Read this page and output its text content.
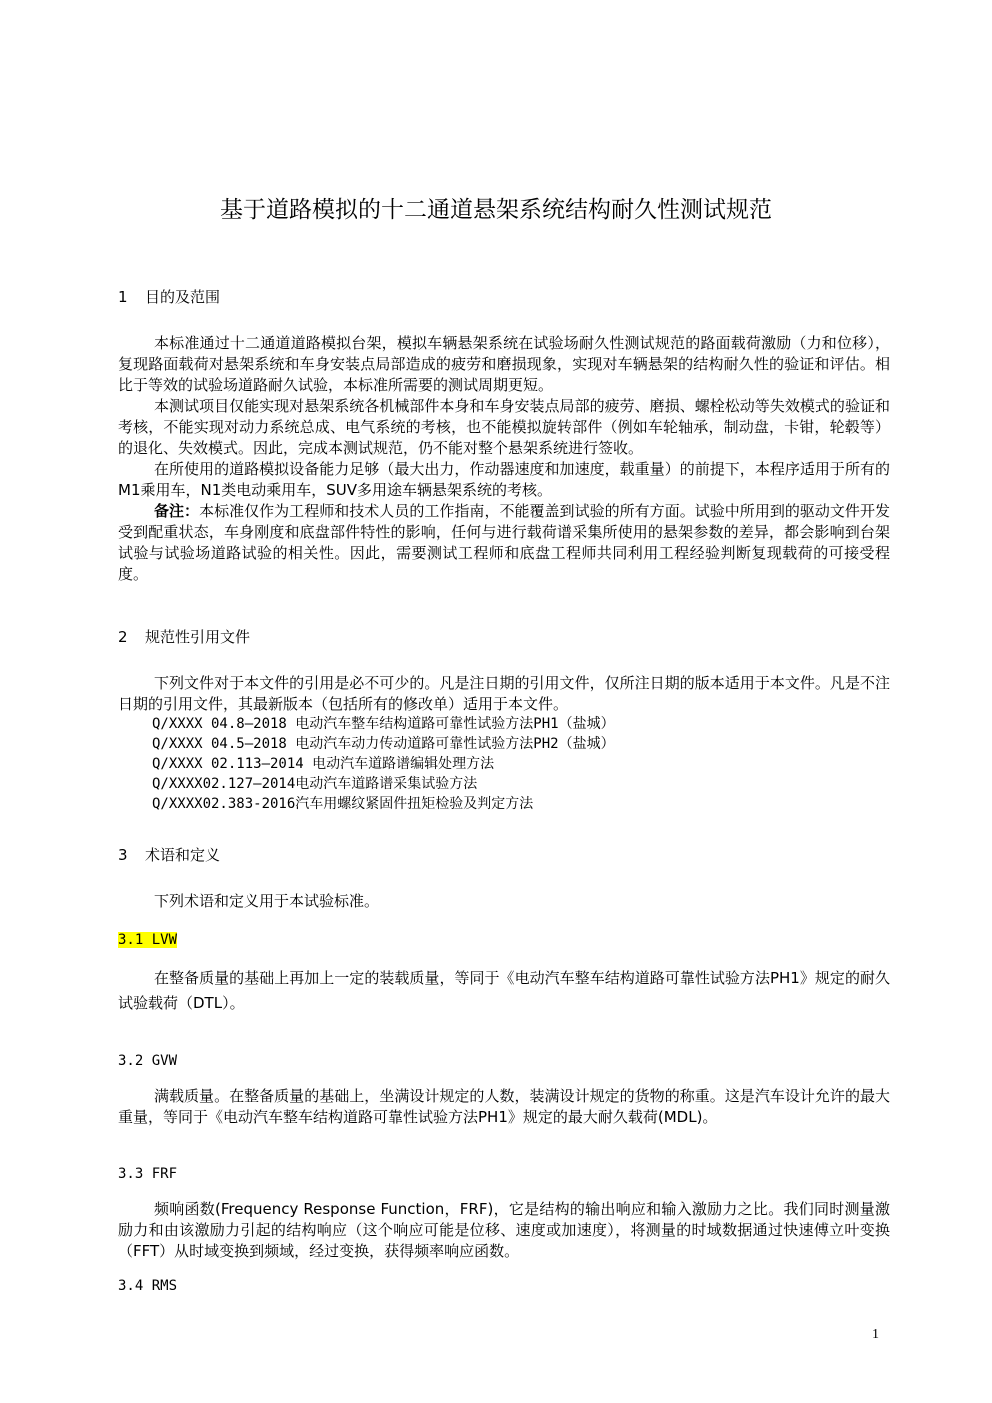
基于道路模拟的十二通道悬架系统结构耐久性测试规范
1 目的及范围

本标准通过十二通道道路模拟台架，模拟车辆悬架系统在试验场耐久性测试规范的路面载荷激励（力和位移），复现路面载荷对悬架系统和车身安装点局部造成的疲劳和磨损现象，实现对车辆悬架的结构耐久性的验证和评估。相比于等效的试验场道路耐久试验，本标准所需要的测试周期更短。

本测试项目仅能实现对悬架系统各机械部件本身和车身安装点局部的疲劳、磨损、螺栓松动等失效模式的验证和考核，不能实现对动力系统总成、电气系统的考核，也不能模拟旋转部件（例如车轮轴承，制动盘，卡钳，轮毂等）的退化、失效模式。因此，完成本测试规范，仍不能对整个悬架系统进行签收。

在所使用的道路模拟设备能力足够（最大出力，作动器速度和加速度，载重量）的前提下，本程序适用于所有的M1乘用车，N1类电动乘用车，SUV多用途车辆悬架系统的考核。

备注：本标准仅作为工程师和技术人员的工作指南，不能覆盖到试验的所有方面。试验中所用到的驱动文件开发受到配重状态，车身刚度和底盘部件特性的影响，任何与进行载荷谱采集所使用的悬架参数的差异，都会影响到台架试验与试验场道路试验的相关性。因此，需要测试工程师和底盘工程师共同利用工程经验判断复现载荷的可接受程度。

2 规范性引用文件

下列文件对于本文件的引用是必不可少的。凡是注日期的引用文件，仅所注日期的版本适用于本文件。凡是不注日期的引用文件，其最新版本（包括所有的修改单）适用于本文件。

Q/XXXX 04.8—2018 电动汽车整车结构道路可靠性试验方法PH1（盐城）
Q/XXXX 04.5—2018 电动汽车动力传动道路可靠性试验方法PH2（盐城）
Q/XXXX 02.113—2014 电动汽车道路谱编辑处理方法
Q/XXXX02.127—2014电动汽车道路谱采集试验方法
Q/XXXX02.383-2016汽车用螺纹紧固件扭矩检验及判定方法
3 术语和定义

下列术语和定义用于本试验标准。

3.1 LVW

在整备质量的基础上再加上一定的装载质量，等同于《电动汽车整车结构道路可靠性试验方法PH1》规定的耐久试验载荷（DTL）。

3.2 GVW

满载质量。在整备质量的基础上，坐满设计规定的人数，装满设计规定的货物的称重。这是汽车设计允许的最大重量，等同于《电动汽车整车结构道路可靠性试验方法PH1》规定的最大耐久载荷(MDL)。

3.3 FRF

频响函数(Frequency Response Function，FRF)，它是结构的输出响应和输入激励力之比。我们同时测量激励力和由该激励力引起的结构响应（这个响应可能是位移、速度或加速度），将测量的时域数据通过快速傅立叶变换（FFT）从时域变换到频域，经过变换，获得频率响应函数。

3.4 RMS
1
